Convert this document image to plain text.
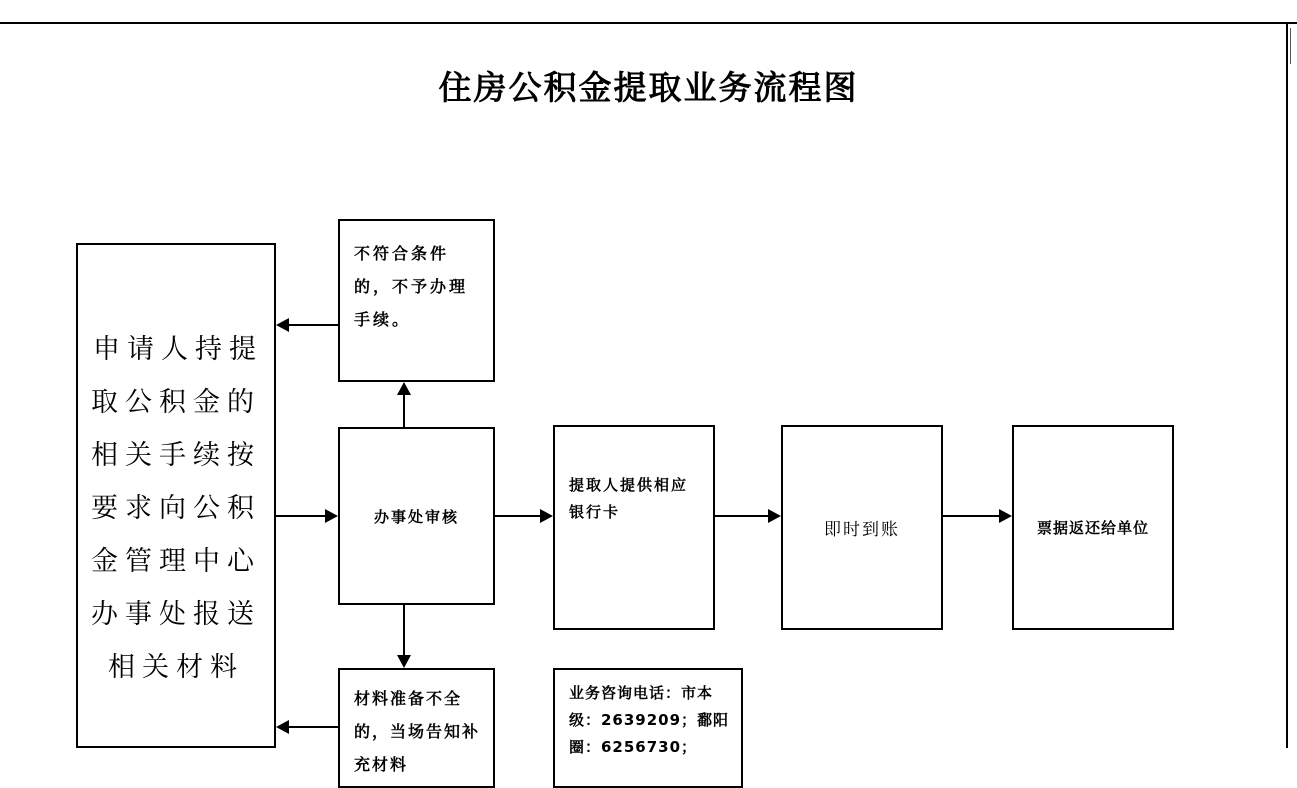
住房公积金提取业务流程图
申请人持提取公积金的相关手续按要求向公积金管理中心办事处报送相关材料
不符合条件的，不予办理手续。
办事处审核
提取人提供相应银行卡
即时到账	票据返还给单位
材料准备不全的，当场告知补充材料
业务咨询电话：市本级：2639209；鄱阳圈：6256730；
